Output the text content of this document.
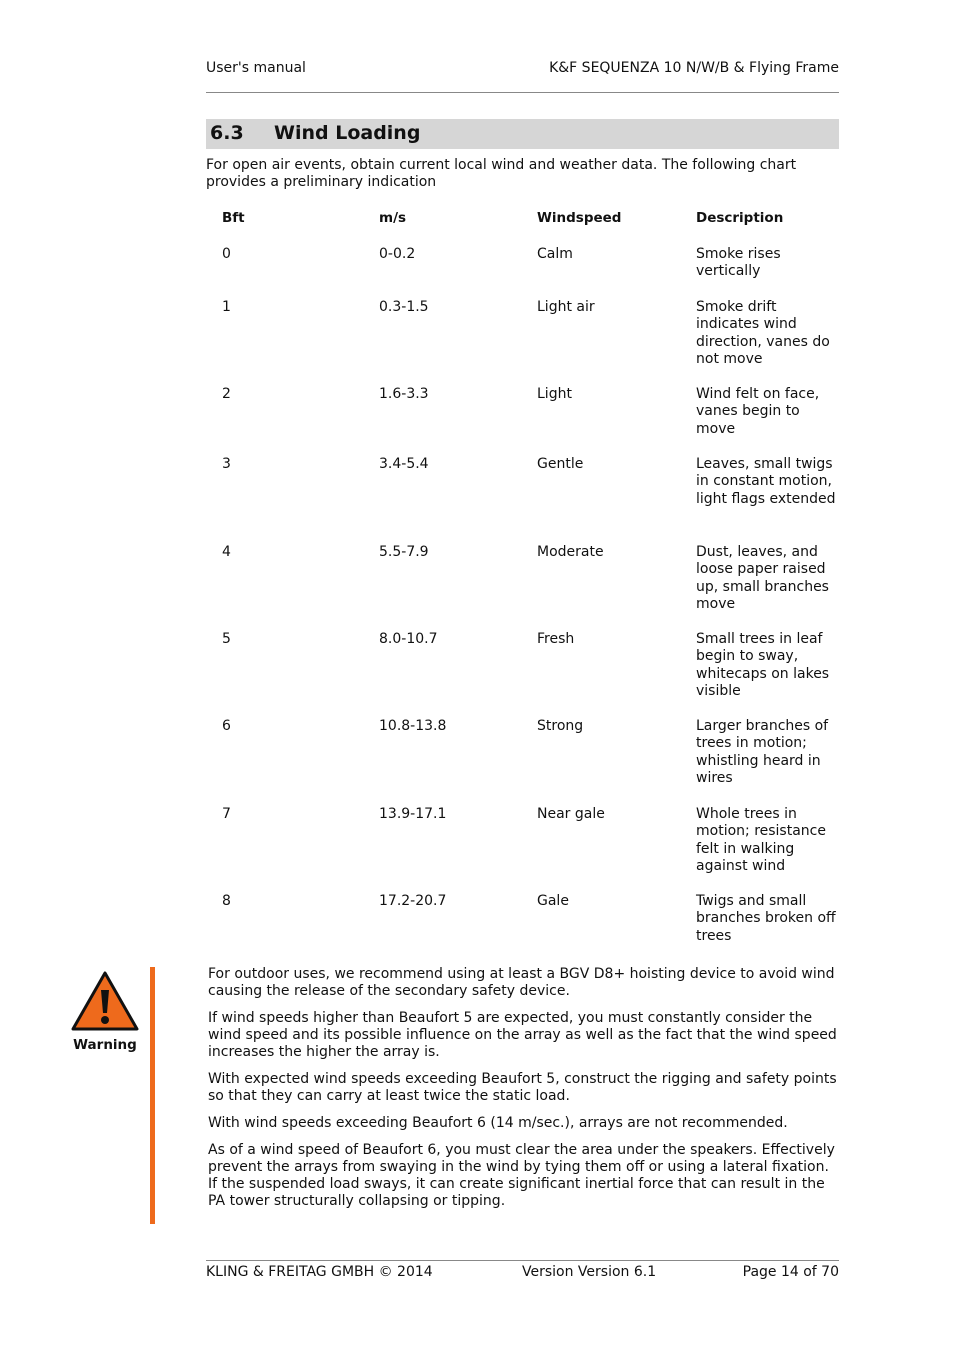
User's manual	K&F SEQUENZA 10 N/W/B & Flying Frame
6.3 Wind Loading
For open air events, obtain current local wind and weather data. The following chart provides a preliminary indication
Bft	m/s	Windspeed	Description
0	0-0.2	Calm	Smoke rises vertically
1	0.3-1.5	Light air	Smoke drift indicates wind direction, vanes do not move
2	1.6-3.3	Light	Wind felt on face, vanes begin to move
3	3.4-5.4	Gentle	Leaves, small twigs in constant motion, light flags extended
4	5.5-7.9	Moderate	Dust, leaves, and loose paper raised up, small branches move
5	8.0-10.7	Fresh	Small trees in leaf begin to sway, whitecaps on lakes visible
6	10.8-13.8	Strong	Larger branches of trees in motion; whistling heard in wires
7	13.9-17.1	Near gale	Whole trees in motion; resistance felt in walking against wind
8	17.2-20.7	Gale	Twigs and small branches broken off trees
Warning

For outdoor uses, we recommend using at least a BGV D8+ hoisting device to avoid wind causing the release of the secondary safety device.

If wind speeds higher than Beaufort 5 are expected, you must constantly consider the wind speed and its possible influence on the array as well as the fact that the wind speed increases the higher the array is.

With expected wind speeds exceeding Beaufort 5, construct the rigging and safety points so that they can carry at least twice the static load.

With wind speeds exceeding Beaufort 6 (14 m/sec.), arrays are not recommended.

As of a wind speed of Beaufort 6, you must clear the area under the speakers. Effectively prevent the arrays from swaying in the wind by tying them off or using a lateral fixation. If the suspended load sways, it can create significant inertial force that can result in the PA tower structurally collapsing or tipping.

KLING & FREITAG GMBH © 2014	Version Version 6.1	Page 14 of 70
